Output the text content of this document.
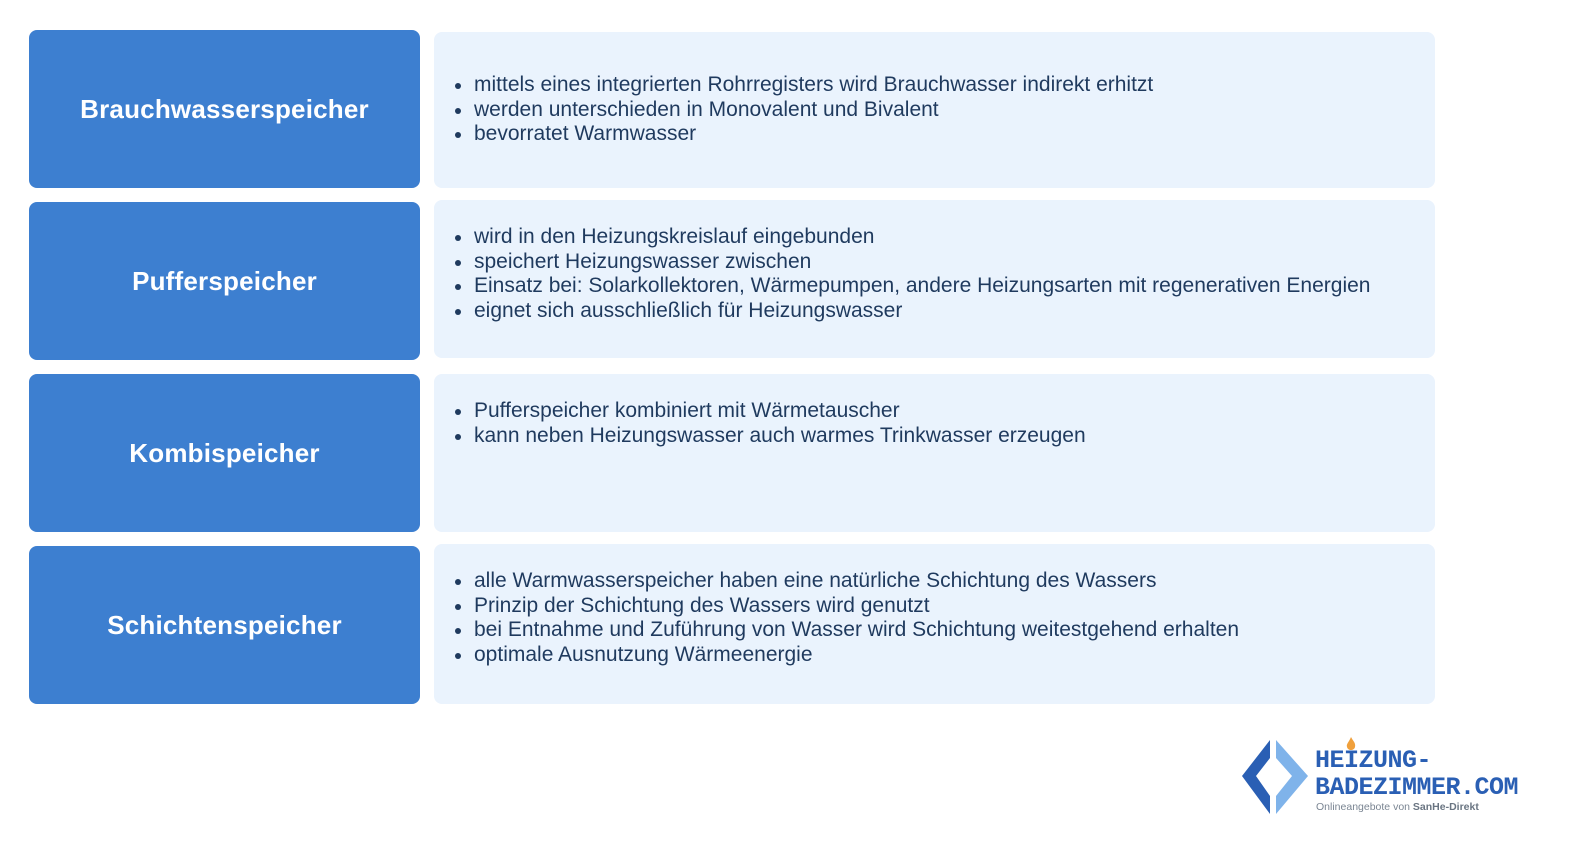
Brauchwasserspeicher
mittels eines integrierten Rohrregisters wird Brauchwasser indirekt erhitzt
werden unterschieden in Monovalent und Bivalent
bevorratet Warmwasser
Pufferspeicher
wird in den Heizungskreislauf eingebunden
speichert Heizungswasser zwischen
Einsatz bei: Solarkollektoren, Wärmepumpen, andere Heizungsarten mit regenerativen Energien
eignet sich ausschließlich für Heizungswasser
Kombispeicher
Pufferspeicher kombiniert mit Wärmetauscher
kann neben Heizungswasser auch warmes Trinkwasser erzeugen
Schichtenspeicher
alle Warmwasserspeicher haben eine natürliche Schichtung des Wassers
Prinzip der Schichtung des Wassers wird genutzt
bei Entnahme und Zuführung von Wasser wird Schichtung weitestgehend erhalten
optimale Ausnutzung Wärmeenergie
HEIZUNG-
BADEZIMMER.COM
Onlineangebote von SanHe-Direkt
